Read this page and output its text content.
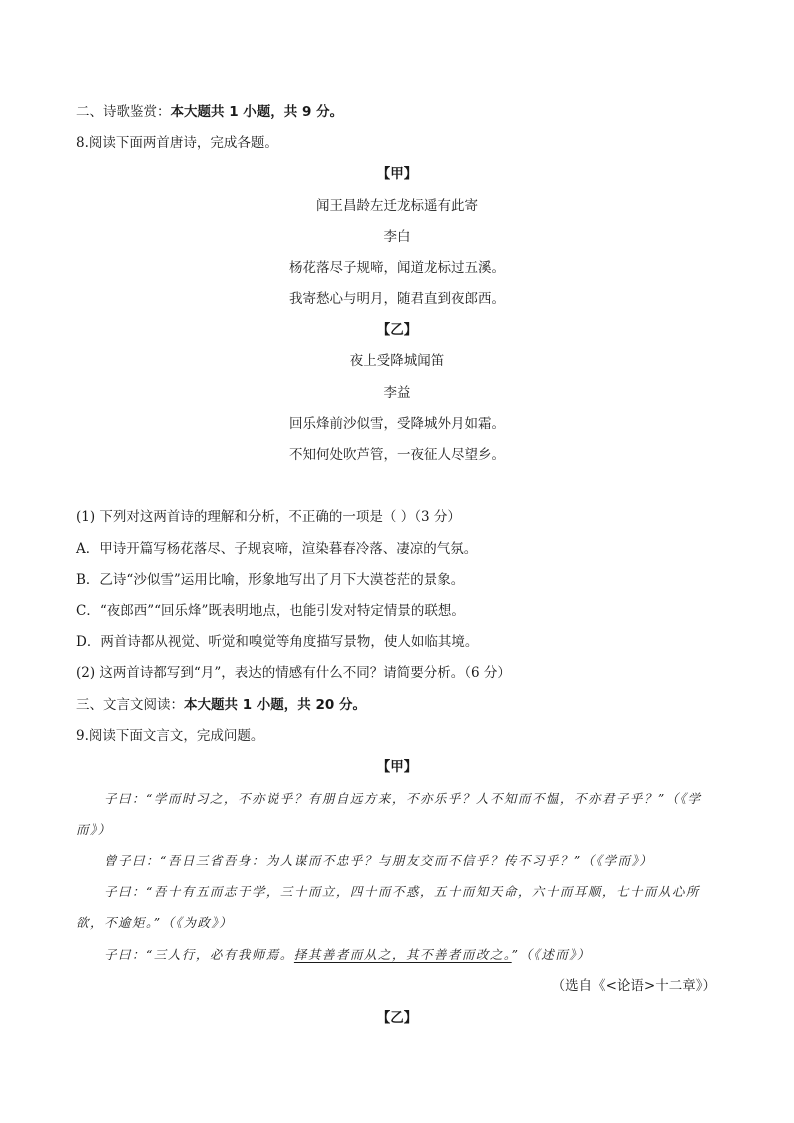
二、诗歌鉴赏：本大题共 1 小题，共 9 分。
8.阅读下面两首唐诗，完成各题。
【甲】
闻王昌龄左迁龙标遥有此寄
李白
杨花落尽子规啼，闻道龙标过五溪。
我寄愁心与明月，随君直到夜郎西。
【乙】
夜上受降城闻笛
李益
回乐烽前沙似雪，受降城外月如霜。
不知何处吹芦管，一夜征人尽望乡。
(1) 下列对这两首诗的理解和分析，不正确的一项是（ ）（3 分）
A．甲诗开篇写杨花落尽、子规哀啼，渲染暮春冷落、凄凉的气氛。
B．乙诗“沙似雪”运用比喻，形象地写出了月下大漠苍茫的景象。
C．“夜郎西”“回乐烽”既表明地点，也能引发对特定情景的联想。
D．两首诗都从视觉、听觉和嗅觉等角度描写景物，使人如临其境。
(2) 这两首诗都写到“月”，表达的情感有什么不同？请简要分析。（6 分）
三、文言文阅读：本大题共 1 小题，共 20 分。
9.阅读下面文言文，完成问题。
【甲】
子曰：“学而时习之，不亦说乎？有朋自远方来，不亦乐乎？人不知而不愠，不亦君子乎？”（《学
而》）
曾子曰：“吾日三省吾身：为人谋而不忠乎？与朋友交而不信乎？传不习乎？”（《学而》）
子曰：“吾十有五而志于学，三十而立，四十而不惑，五十而知天命，六十而耳顺，七十而从心所
欲，不逾矩。”（《为政》）
子曰：“三人行，必有我师焉。择其善者而从之，其不善者而改之。”（《述而》）
（选自《<论语>十二章》）
【乙】
